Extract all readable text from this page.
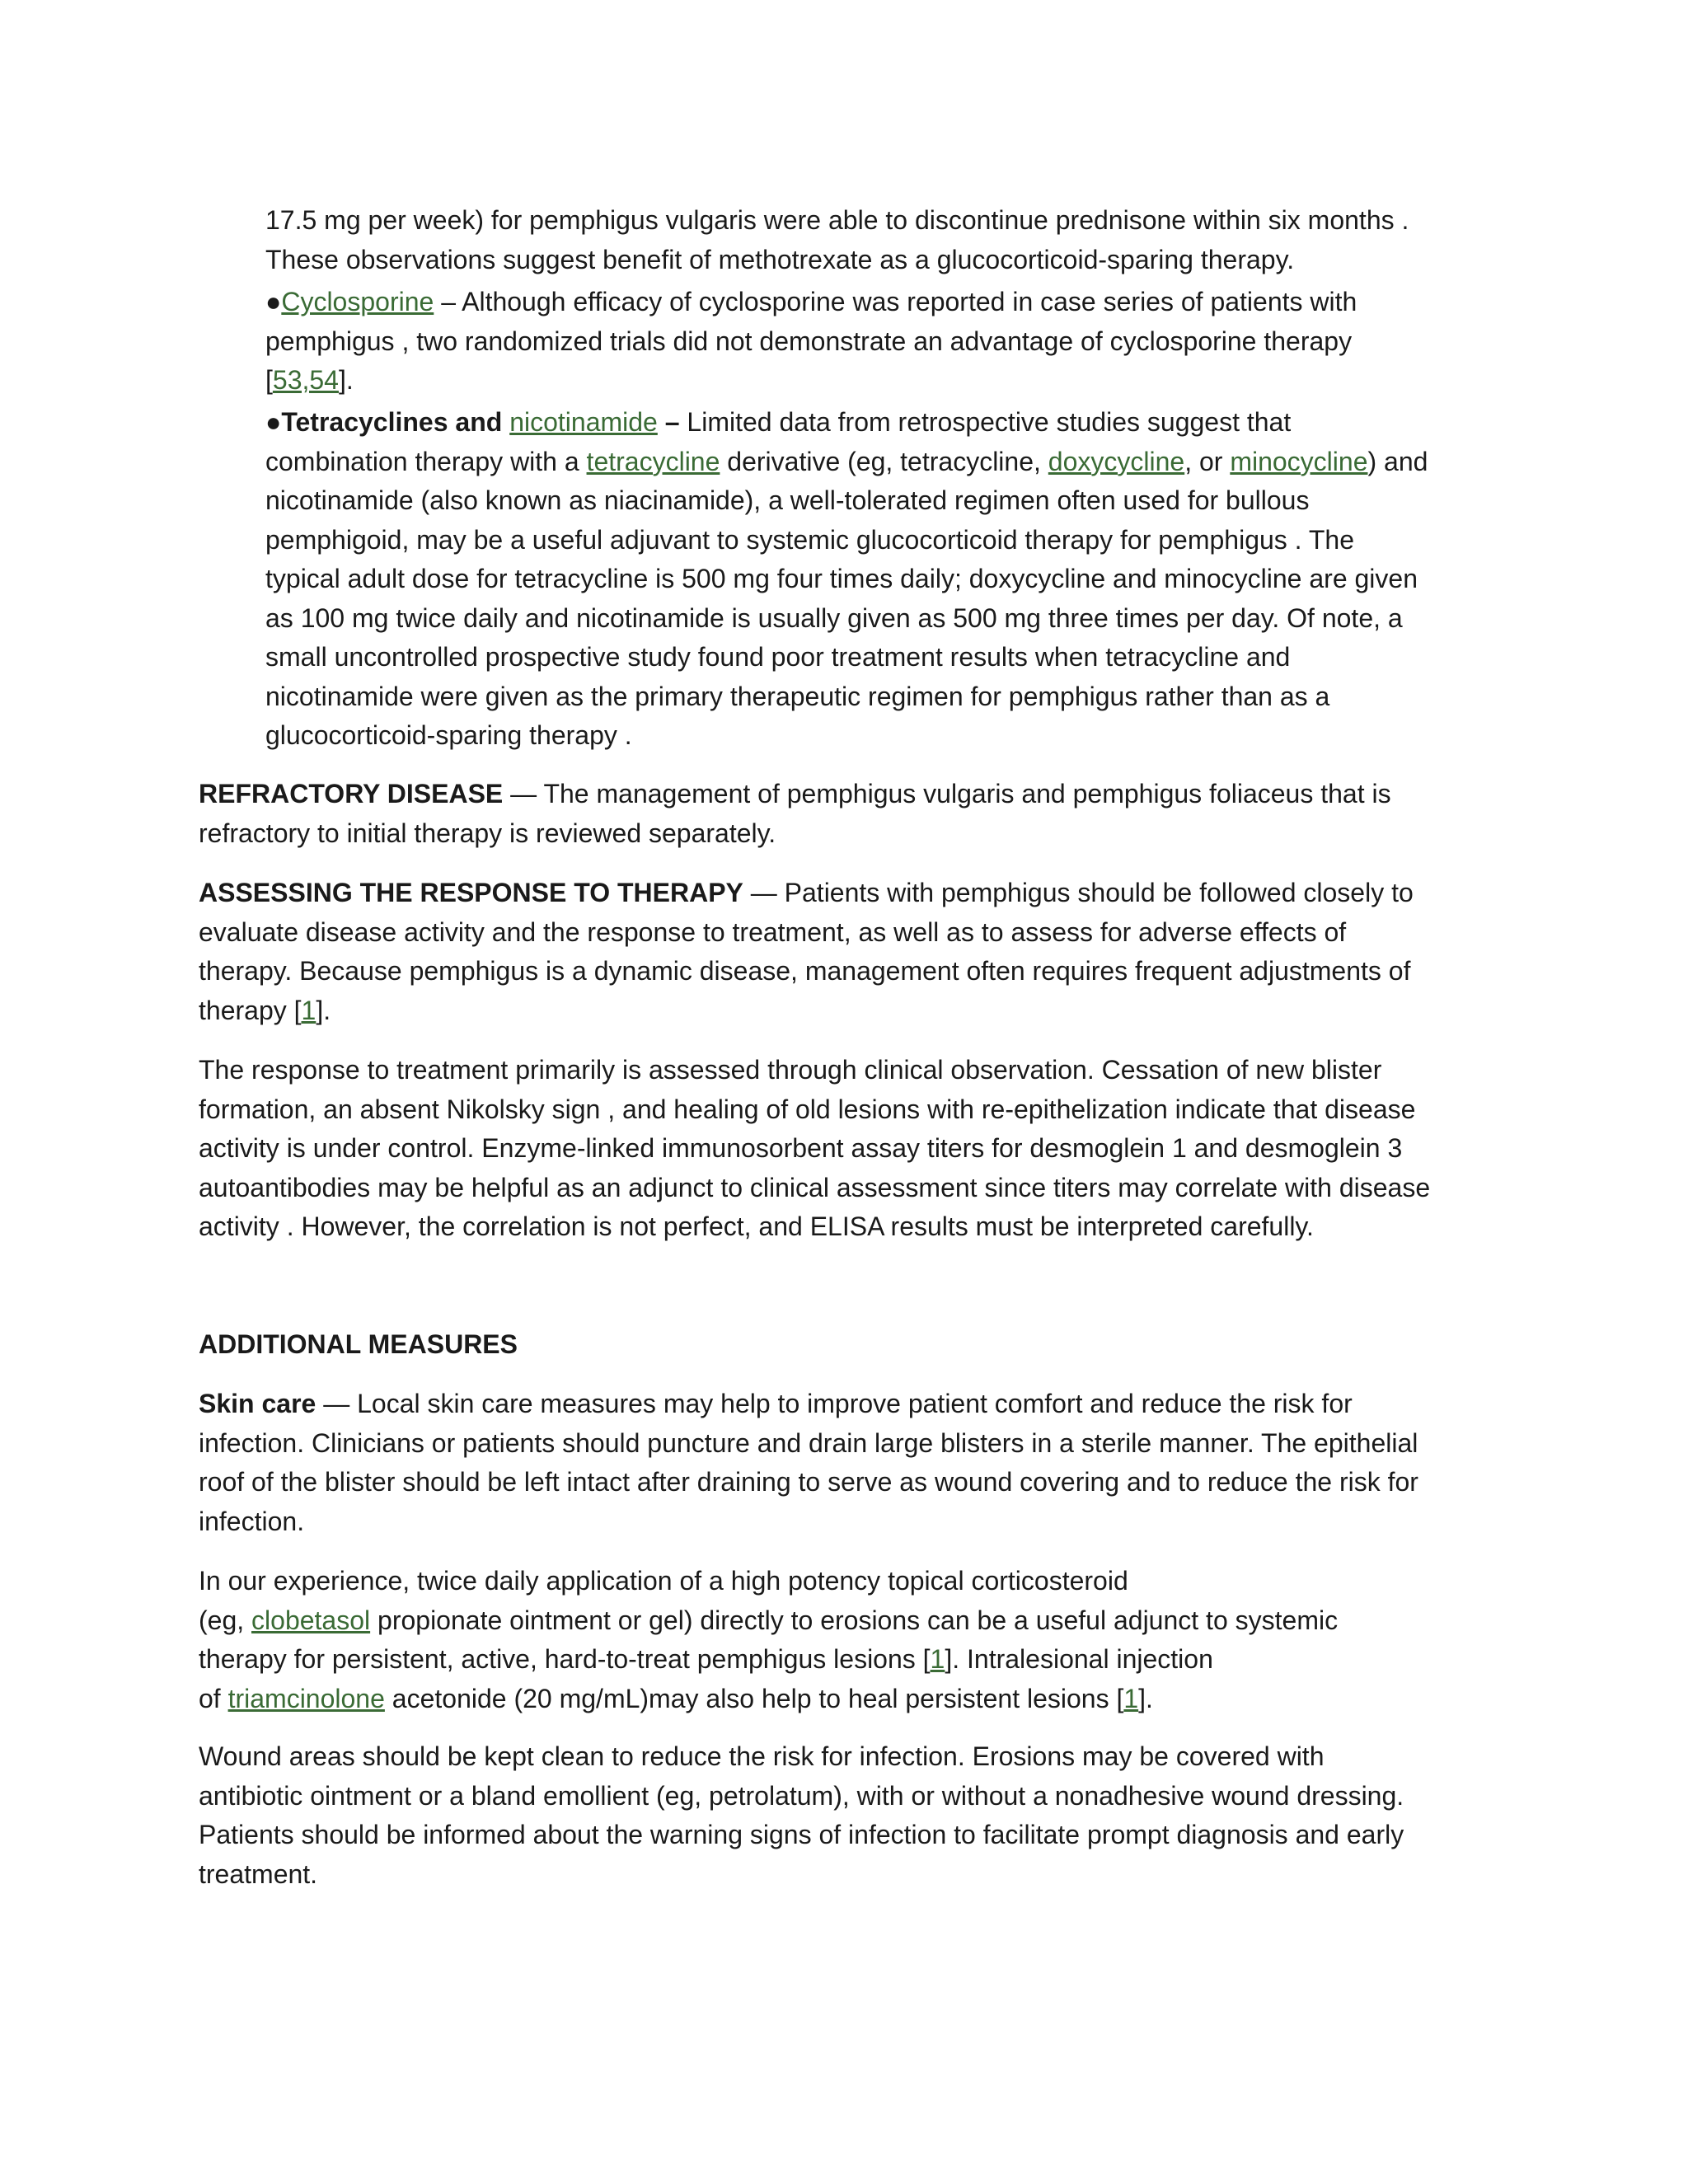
17.5 mg per week) for pemphigus vulgaris were able to discontinue prednisone within six months .
These observations suggest benefit of methotrexate as a glucocorticoid-sparing therapy.

●Cyclosporine – Although efficacy of cyclosporine was reported in case series of patients with
pemphigus , two randomized trials did not demonstrate an advantage of cyclosporine therapy
[53,54].

●Tetracyclines and nicotinamide – Limited data from retrospective studies suggest that
combination therapy with a tetracycline derivative (eg, tetracycline, doxycycline, or minocycline) and
nicotinamide (also known as niacinamide), a well-tolerated regimen often used for bullous
pemphigoid, may be a useful adjuvant to systemic glucocorticoid therapy for pemphigus . The
typical adult dose for tetracycline is 500 mg four times daily; doxycycline and minocycline are given
as 100 mg twice daily and nicotinamide is usually given as 500 mg three times per day. Of note, a
small uncontrolled prospective study found poor treatment results when tetracycline and
nicotinamide were given as the primary therapeutic regimen for pemphigus rather than as a
glucocorticoid-sparing therapy .

REFRACTORY DISEASE — The management of pemphigus vulgaris and pemphigus foliaceus that is
refractory to initial therapy is reviewed separately.

ASSESSING THE RESPONSE TO THERAPY — Patients with pemphigus should be followed closely to
evaluate disease activity and the response to treatment, as well as to assess for adverse effects of
therapy. Because pemphigus is a dynamic disease, management often requires frequent adjustments of
therapy [1].

The response to treatment primarily is assessed through clinical observation. Cessation of new blister
formation, an absent Nikolsky sign , and healing of old lesions with re-epithelization indicate that disease
activity is under control. Enzyme-linked immunosorbent assay titers for desmoglein 1 and desmoglein 3
autoantibodies may be helpful as an adjunct to clinical assessment since titers may correlate with disease
activity . However, the correlation is not perfect, and ELISA results must be interpreted carefully.

ADDITIONAL MEASURES

Skin care — Local skin care measures may help to improve patient comfort and reduce the risk for
infection. Clinicians or patients should puncture and drain large blisters in a sterile manner. The epithelial
roof of the blister should be left intact after draining to serve as wound covering and to reduce the risk for
infection.

In our experience, twice daily application of a high potency topical corticosteroid
(eg, clobetasol propionate ointment or gel) directly to erosions can be a useful adjunct to systemic
therapy for persistent, active, hard-to-treat pemphigus lesions [1]. Intralesional injection
of triamcinolone acetonide (20 mg/mL)may also help to heal persistent lesions [1].

Wound areas should be kept clean to reduce the risk for infection. Erosions may be covered with
antibiotic ointment or a bland emollient (eg, petrolatum), with or without a nonadhesive wound dressing.
Patients should be informed about the warning signs of infection to facilitate prompt diagnosis and early
treatment.
